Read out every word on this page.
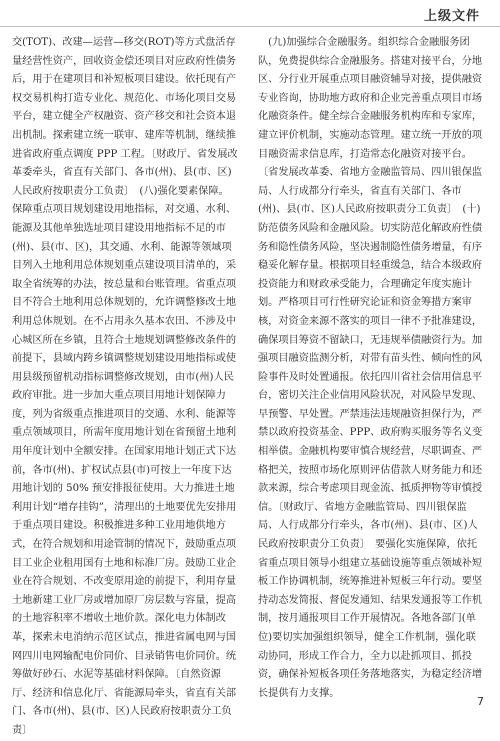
上级文件
交(TOT)、改建—运营—移交(ROT)等方式盘活存量经营性资产，回收资金偿还项目对应政府性债务后，用于在建项目和补短板项目建设。依托现有产权交易机构打造专业化、规范化、市场化项目交易平台，建立健全产权融资、资产移交和社会资本退出机制。探索建立统一联审、建库等机制，继续推进省政府重点调度 PPP 工程。〔财政厅、省发展改革委牵头，省直有关部门、各市(州)、县(市、区)人民政府按职责分工负责〕　(八)强化要素保障。保障重点项目规划建设用地指标，对交通、水利、能源及其他单独选址项目建设用地指标不足的市(州)、县(市、区)，其交通、水利、能源等领域项目列入土地利用总体规划重点建设项目清单的，采取全省统筹的办法，按总量和台账管理。省重点项目不符合土地利用总体规划的，允许调整修改土地利用总体规划。在不占用永久基本农田、不涉及中心城区所在乡镇，且符合土地规划调整修改条件的前提下，县域内跨乡镇调整规划建设用地指标或使用县级预留机动指标调整修改规划，由市(州)人民政府审批。进一步加大重点项目用地计划保障力度，列为省级重点推进项目的交通、水利、能源等重点领域项目，所需年度用地计划在省预留土地利用年度计划中全额安排。在国家用地计划正式下达前，各市(州)、扩权试点县(市)可按上一年度下达用地计划的 50% 预安排报征使用。大力推进土地利用计划“增存挂钩”，清理出的土地要优先安排用于重点项目建设。积极推进多种工业用地供地方式，在符合规划和用途管制的情况下，鼓励重点项目工业企业租用国有土地和标准厂房。鼓励工业企业在符合规划、不改变原用途的前提下，利用存量土地新建工业厂房或增加原厂房层数与容量，提高的土地容积率不增收土地价款。深化电力体制改革，探索未电消纳示范区试点，推进省属电网与国网四川电网输配电价同价、目录销售电价同价。统筹做好砂石、水泥等基础材料保障。〔自然资源厅、经济和信息化厅、省能源局牵头，省直有关部门、各市(州)、县(市、区)人民政府按职责分工负责〕
　(九)加强综合金融服务。组织综合金融服务团队，免费提供综合金融服务。搭建对接平台，分地区、分行业开展重点项目融资辅导对接，提供融资专业咨询，协助地方政府和企业完善重点项目市场化融资条件。健全综合金融服务机构库和专家库，建立评价机制，实施动态管理。建立统一开放的项目融资需求信息库，打造常态化融资对接平台。〔省发展改革委、省地方金融监管局、四川银保监局、人行成都分行牵头，省直有关部门、各市(州)、县(市、区)人民政府按职责分工负责〕　(十)防范债务风险和金融风险。切实防范化解政府性债务和隐性债务风险，坚决遏制隐性债务增量，有序稳妥化解存量。根据项目轻重缓急，结合本级政府投资能力和财政承受能力，合理确定年度实施计划。严格项目可行性研究论证和资金筹措方案审核，对资金来源不落实的项目一律不予批准建设，确保项目筹资不留缺口，无违规举债融资行为。加强项目融资监测分析，对带有苗头性、倾向性的风险事件及时处置通报。依托四川省社会信用信息平台，密切关注企业信用风险状况，对风险早发现、早预警、早处置。严禁违法违规融资担保行为，严禁以政府投资基金、PPP、政府购买服务等名义变相举债。金融机构要审慎合规经营，尽职调查、严格把关，按照市场化原则评估借款人财务能力和还款来源，综合考虑项目现金流、抵质押物等审慎授信。〔财政厅、省地方金融监管局、四川银保监局、人行成都分行牵头，各市(州)、县(市、区)人民政府按职责分工负责〕　要强化实施保障，依托省重点项目领导小组建立基础设施等重点领域补短板工作协调机制，统筹推进补短板三年行动。要坚持动态发简报、督促发通知、结果发通报等工作机制，按月通报项目工作开展情况。各地各部门(单位)要切实加强组织领导，健全工作机制，强化联动协同，形成工作合力，全力以赴抓项目、抓投资，确保补短板各项任务落地落实，为稳定经济增长提供有力支撑。
7
